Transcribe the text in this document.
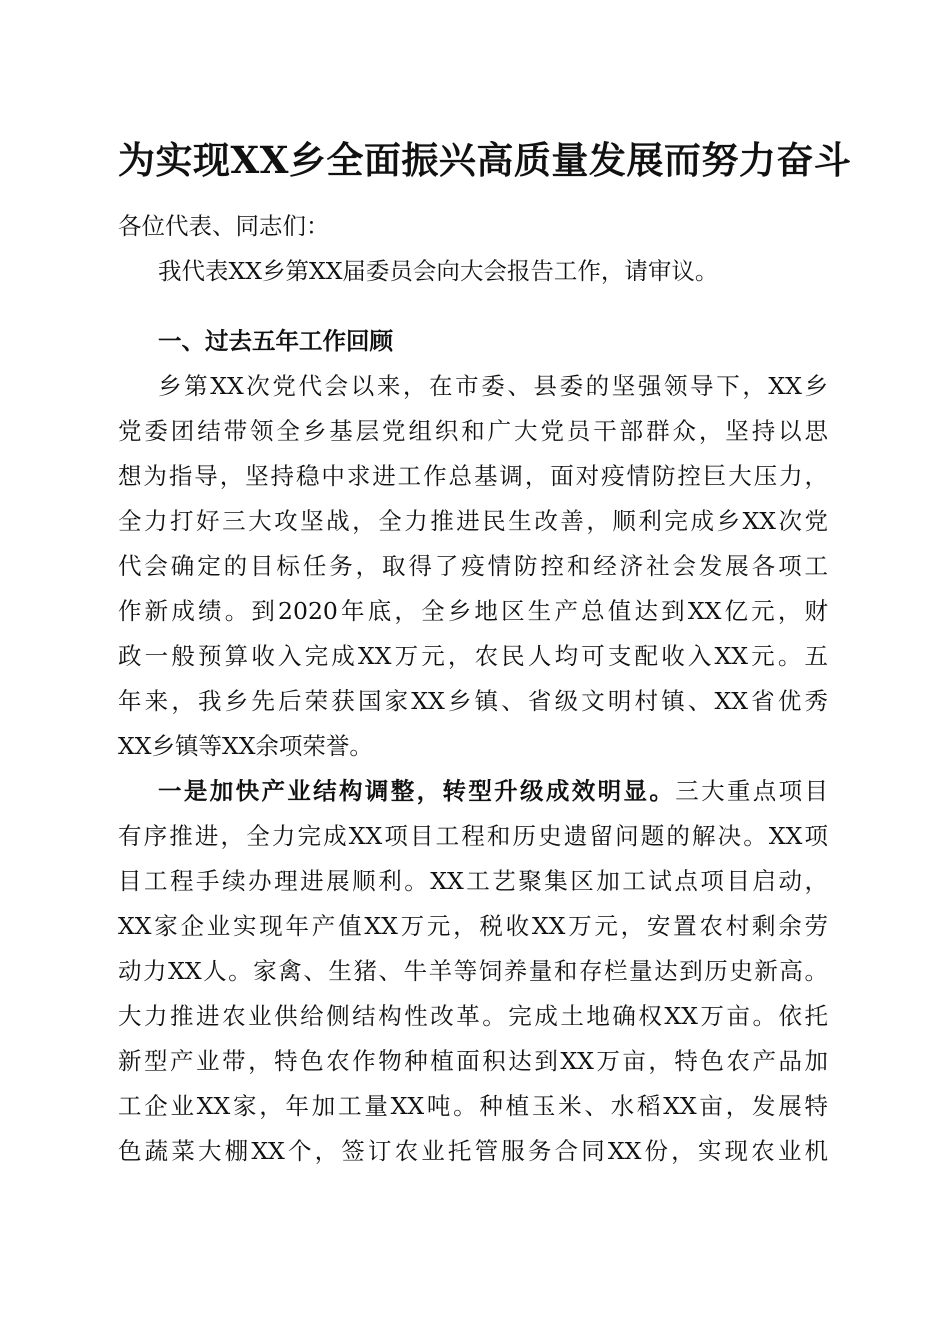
为实现XX乡全面振兴高质量发展而努力奋斗
各位代表、同志们：
我代表XX乡第XX届委员会向大会报告工作，请审议。
一、过去五年工作回顾
乡第XX次党代会以来，在市委、县委的坚强领导下，XX乡
党委团结带领全乡基层党组织和广大党员干部群众，坚持以思
想为指导，坚持稳中求进工作总基调，面对疫情防控巨大压力，
全力打好三大攻坚战，全力推进民生改善，顺利完成乡XX次党
代会确定的目标任务，取得了疫情防控和经济社会发展各项工
作新成绩。到2020年底，全乡地区生产总值达到XX亿元，财
政一般预算收入完成XX万元，农民人均可支配收入XX元。五
年来，我乡先后荣获国家XX乡镇、省级文明村镇、XX省优秀
XX乡镇等XX余项荣誉。
一是加快产业结构调整，转型升级成效明显。三大重点项目
有序推进，全力完成XX项目工程和历史遗留问题的解决。XX项
目工程手续办理进展顺利。XX工艺聚集区加工试点项目启动，
XX家企业实现年产值XX万元，税收XX万元，安置农村剩余劳
动力XX人。家禽、生猪、牛羊等饲养量和存栏量达到历史新高。
大力推进农业供给侧结构性改革。完成土地确权XX万亩。依托
新型产业带，特色农作物种植面积达到XX万亩，特色农产品加
工企业XX家，年加工量XX吨。种植玉米、水稻XX亩，发展特
色蔬菜大棚XX个，签订农业托管服务合同XX份，实现农业机
